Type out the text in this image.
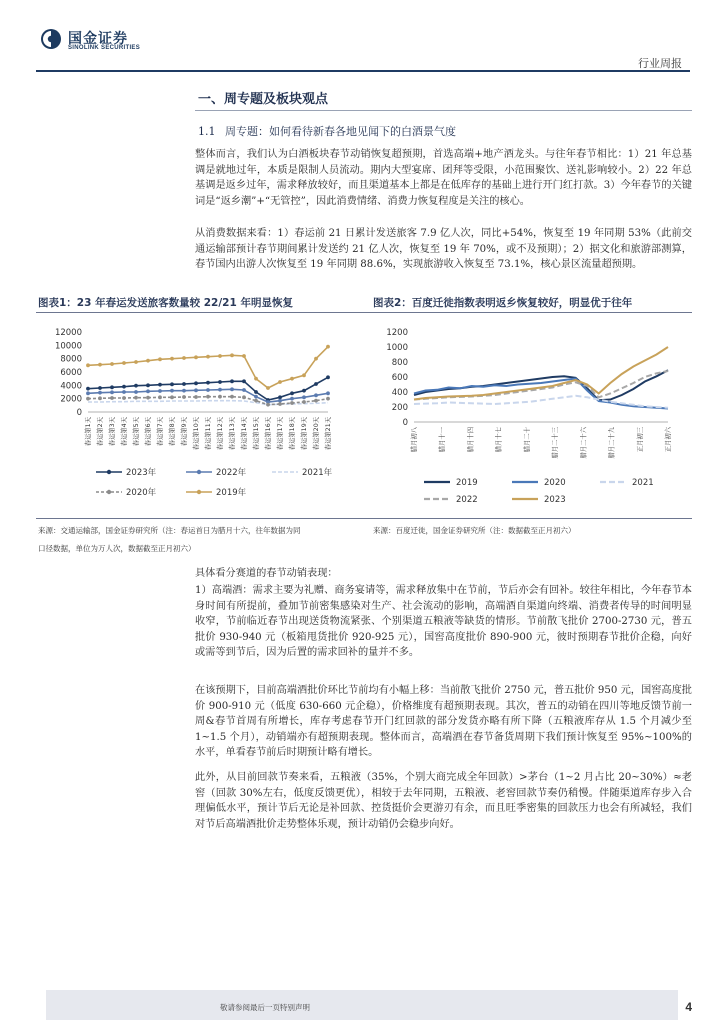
国金证券
SINOLINK SECURITIES
行业周报
一、周专题及板块观点
1.1 周专题：如何看待新春各地见闻下的白酒景气度
整体而言，我们认为白酒板块春节动销恢复超预期，首选高端+地产酒龙头。与往年春节相比：1）21 年总基调是就地过年，本质是限制人员流动。期内大型宴席、团拜等受限，小范围聚饮、送礼影响较小。2）22 年总基调是返乡过年，需求释放较好，而且渠道基本上都是在低库存的基础上进行开门红打款。3）今年春节的关键词是“返乡潮”+“无管控”，因此消费情绪、消费力恢复程度是关注的核心。
从消费数据来看：1）春运前 21 日累计发送旅客 7.9 亿人次，同比+54%，恢复至 19 年同期 53%（此前交通运输部预计春节期间累计发送约 21 亿人次，恢复至 19 年 70%，或不及预期）；2）据文化和旅游部测算，春节国内出游人次恢复至 19 年同期 88.6%，实现旅游收入恢复至 73.1%，核心景区流量超预期。
图表1：23 年春运发送旅客数量较 22/21 年明显恢复	图表2：百度迁徙指数表明返乡恢复较好，明显优于往年
0
2000
4000
6000
8000
10000
12000
春运第1天 春运第2天 春运第3天 春运第4天 春运第5天 春运第6天 春运第7天 春运第8天 春运第9天 春运第10天 春运第11天 春运第12天 春运第13天 春运第14天 春运第15天 春运第16天 春运第17天 春运第18天 春运第19天 春运第20天 春运第21天
2023年	2022年	2021年
2020年	2019年
0
200
400
600
800
1000
1200
腊月初八	腊月十一	腊月十四	腊月十七	腊月二十	腊月二十三	腊月二十六	腊月二十九	正月初三	正月初六
2019	2020	2021
2022	2023
来源：交通运输部，国金证券研究所（注：春运首日为腊月十六，往年数据为同
口径数据，单位为万人次，数据截至正月初六）
来源：百度迁徙，国金证券研究所（注：数据截至正月初六）
具体看分赛道的春节动销表现：
1）高端酒：需求主要为礼赠、商务宴请等，需求释放集中在节前，节后亦会有回补。较往年相比，今年春节本身时间有所提前，叠加节前密集感染对生产、社会流动的影响，高端酒自渠道向终端、消费者传导的时间明显收窄，节前临近春节出现送货物流紧张、个别渠道五粮液等缺货的情形。节前散飞批价 2700-2730 元，普五批价 930-940 元（板箱甩货批价 920-925 元），国窖高度批价 890-900 元，彼时预期春节批价企稳，向好或需等到节后，因为后置的需求回补的量并不多。
在该预期下，目前高端酒批价环比节前均有小幅上移：当前散飞批价 2750 元，普五批价 950 元，国窖高度批价 900-910 元（低度 630-660 元企稳），价格维度有超预期表现。其次，普五的动销在四川等地反馈节前一周&春节首周有所增长，库存考虑春节开门红回款的部分发货亦略有所下降（五粮液库存从 1.5 个月减少至 1~1.5 个月），动销端亦有超预期表现。整体而言，高端酒在春节备货周期下我们预计恢复至 95%~100%的水平，单看春节前后时期预计略有增长。
此外，从目前回款节奏来看，五粮液（35%，个别大商完成全年回款）>茅台（1~2 月占比 20~30%）≈老窖（回款 30%左右，低度反馈更优），相较于去年同期，五粮液、老窖回款节奏仍稍慢。伴随渠道库存步入合理偏低水平，预计节后无论是补回款、控货挺价会更游刃有余，而且旺季密集的回款压力也会有所减轻，我们对节后高端酒批价走势整体乐观，预计动销仍会稳步向好。
敬请参阅最后一页特别声明	4
